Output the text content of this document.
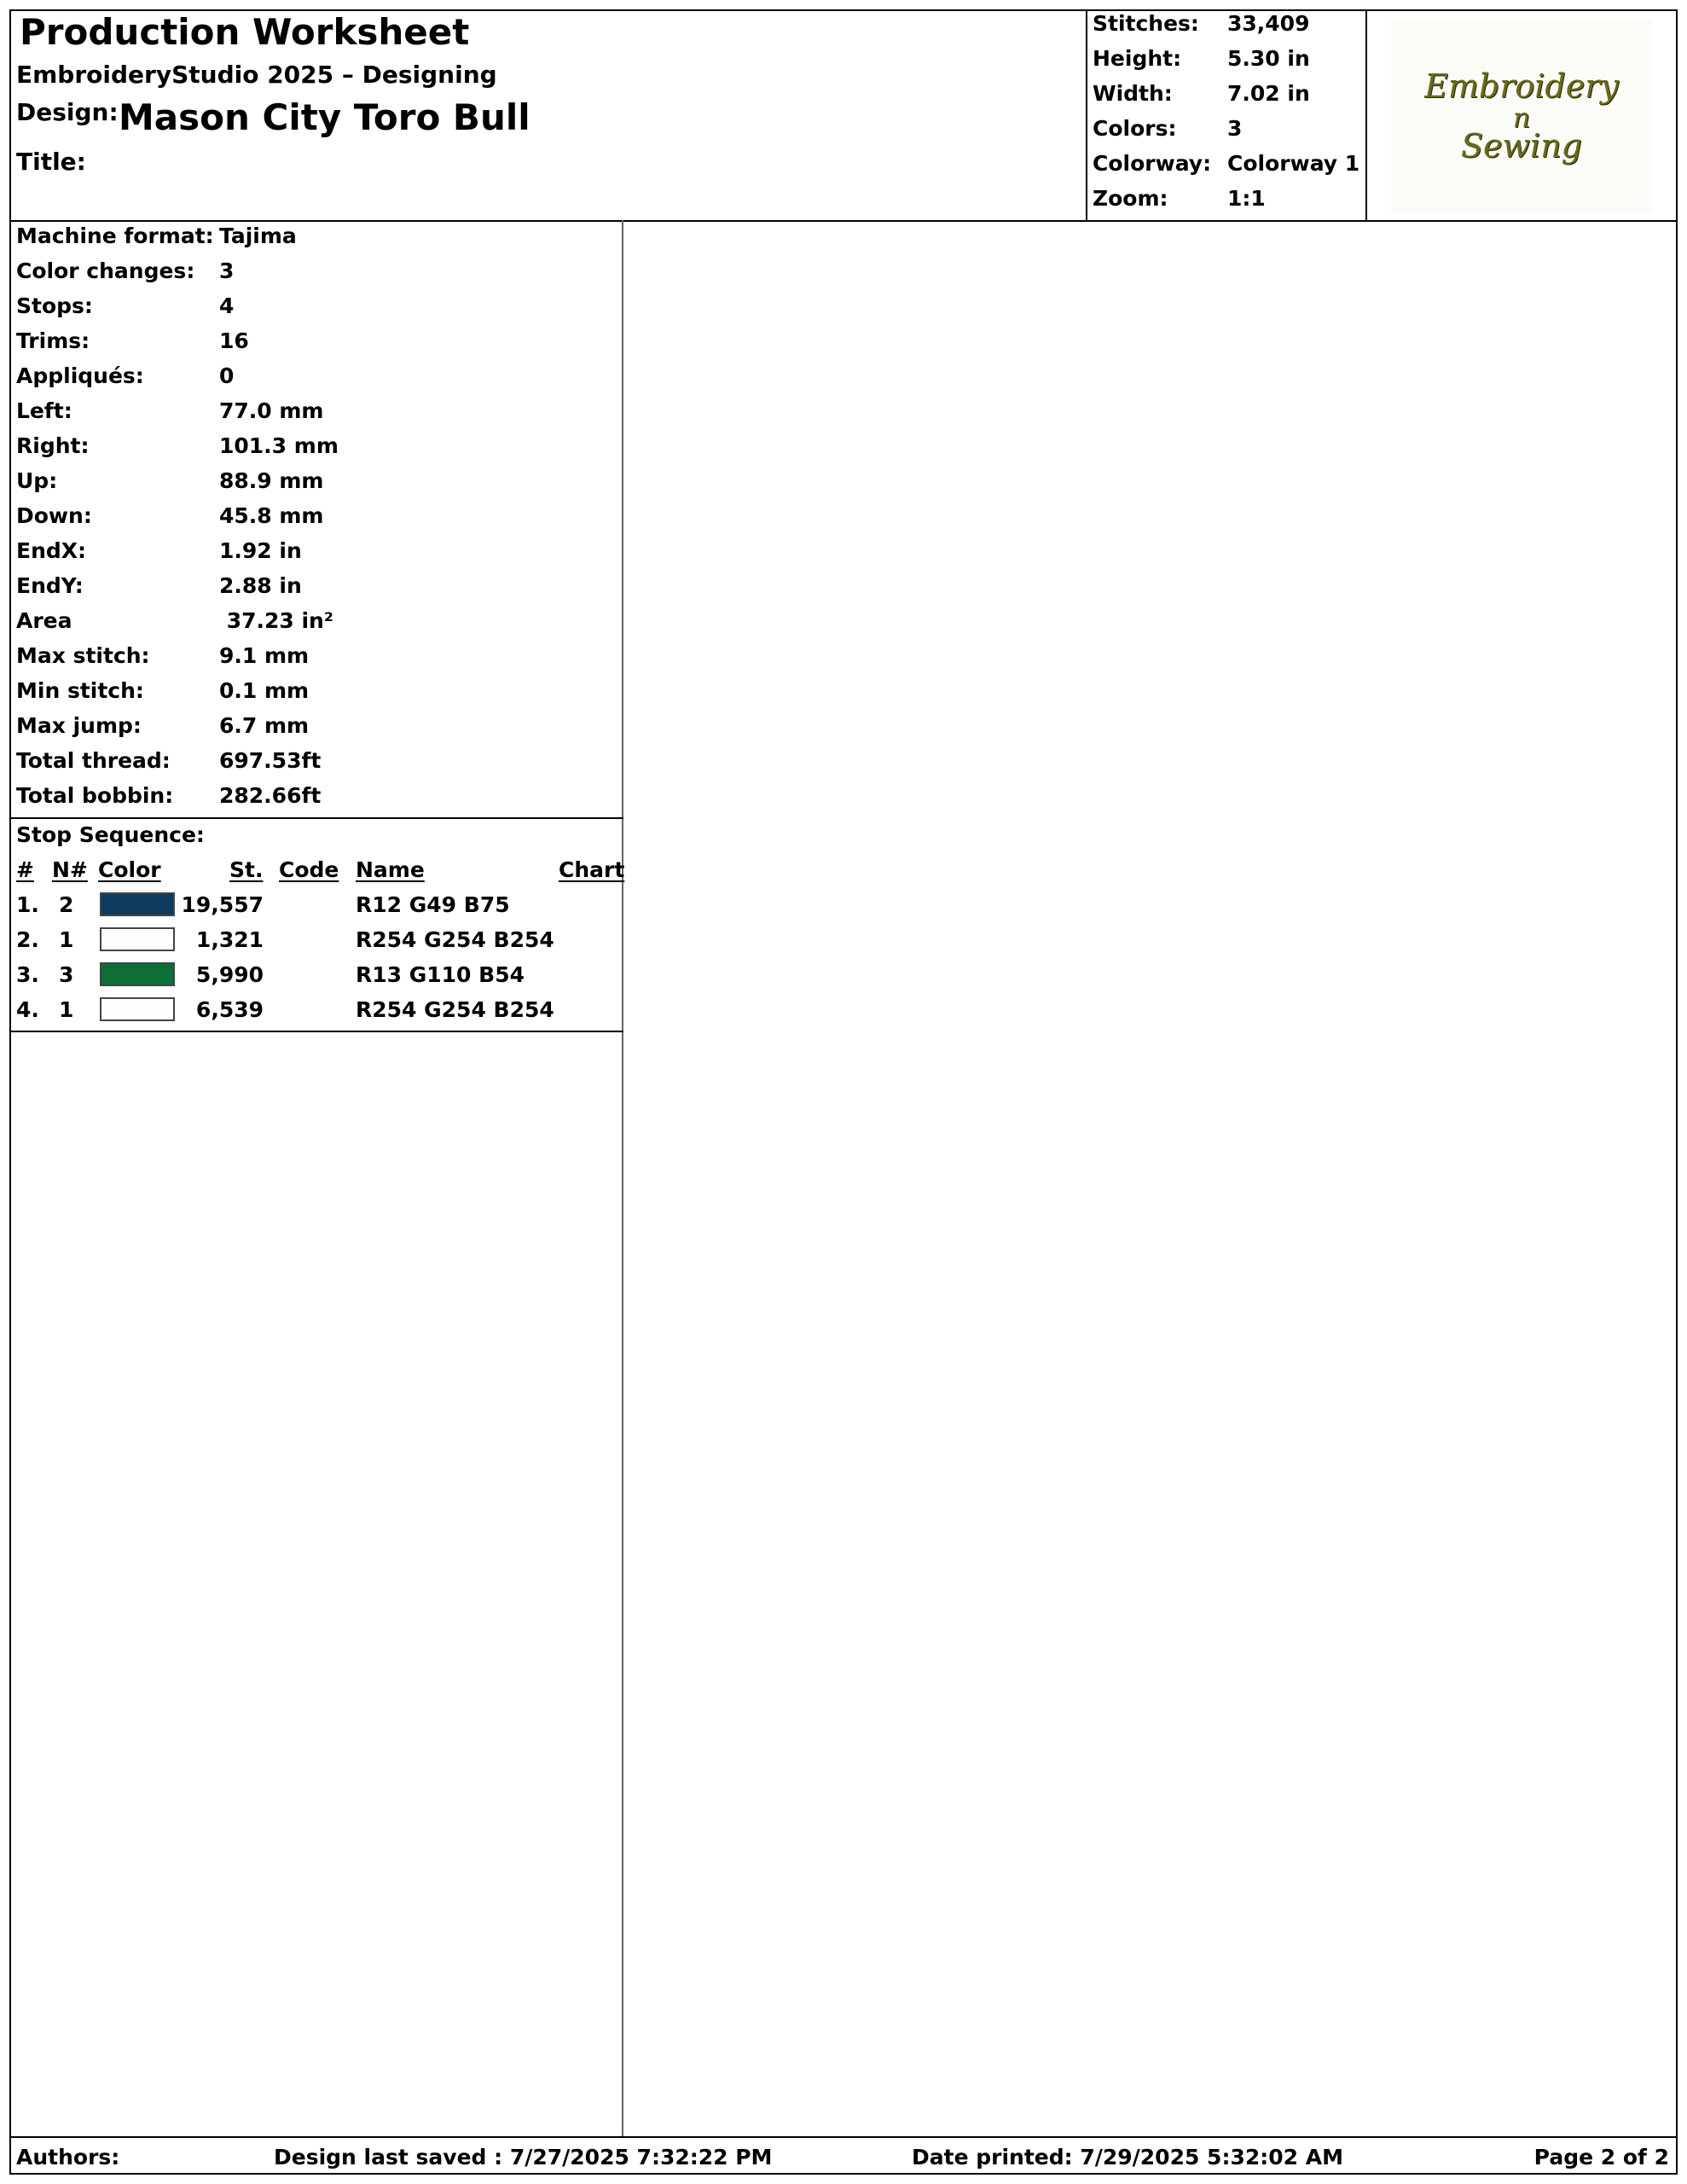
Production Worksheet
EmbroideryStudio 2025 – Designing
Design: Mason City Toro Bull
Title:
Stitches: 33,409
Height: 5.30 in
Width:	7.02 in
Colors: 3
Colorway: Colorway 1
Zoom:	1:1
Embroidery
n
Sewing
Machine format: Tajima
Color changes: 3
Stops:	4
Trims:	16
Appliqués:	0
Left:	77.0 mm
Right:	101.3 mm
Up:	88.9 mm
Down:	45.8 mm
EndX:	1.92 in
EndY:	2.88 in
Area	37.23 in²
Max stitch:	9.1 mm
Min stitch:	0.1 mm
Max jump:	6.7 mm
Total thread: 697.53ft
Total bobbin: 282.66ft
Stop Sequence:
# N# Color	St. Code Name	Chart
1. 2	19,557	R12 G49 B75
2. 1	1,321	R254 G254 B254
3. 3	5,990	R13 G110 B54
4. 1	6,539	R254 G254 B254
Authors:	Design last saved : 7/27/2025 7:32:22 PM	Date printed: 7/29/2025 5:32:02 AM	Page 2 of 2
